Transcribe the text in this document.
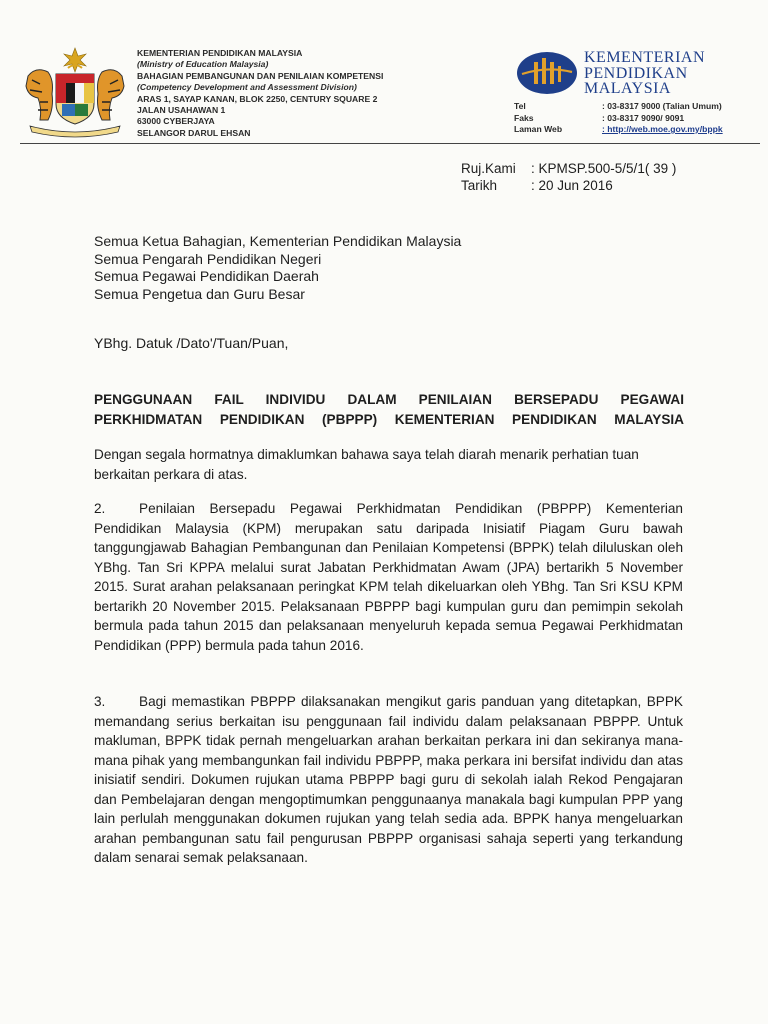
KEMENTERIAN PENDIDIKAN MALAYSIA
(Ministry of Education Malaysia)
BAHAGIAN PEMBANGUNAN DAN PENILAIAN KOMPETENSI
(Competency Development and Assessment Division)
ARAS 1, SAYAP KANAN, BLOK 2250, CENTURY SQUARE 2
JALAN USAHAWAN 1
63000 CYBERJAYA
SELANGOR DARUL EHSAN
KEMENTERIAN
PENDIDIKAN
MALAYSIA
Tel	: 03-8317 9000 (Talian Umum)
Faks	: 03-8317 9090/ 9091
Laman Web	: http://web.moe.gov.my/bppk
Ruj.Kami	: KPMSP.500-5/5/1( 39 )
Tarikh	: 20 Jun 2016
Semua Ketua Bahagian, Kementerian Pendidikan Malaysia
Semua Pengarah Pendidikan Negeri
Semua Pegawai Pendidikan Daerah
Semua Pengetua dan Guru Besar
YBhg. Datuk /Dato'/Tuan/Puan,
PENGGUNAAN FAIL INDIVIDU DALAM PENILAIAN BERSEPADU PEGAWAI
PERKHIDMATAN PENDIDIKAN (PBPPP) KEMENTERIAN PENDIDIKAN MALAYSIA
Dengan segala hormatnya dimaklumkan bahawa saya telah diarah menarik perhatian tuan berkaitan perkara di atas.
2. Penilaian Bersepadu Pegawai Perkhidmatan Pendidikan (PBPPP) Kementerian Pendidikan Malaysia (KPM) merupakan satu daripada Inisiatif Piagam Guru bawah tanggungjawab Bahagian Pembangunan dan Penilaian Kompetensi (BPPK) telah diluluskan oleh YBhg. Tan Sri KPPA melalui surat Jabatan Perkhidmatan Awam (JPA) bertarikh 5 November 2015. Surat arahan pelaksanaan peringkat KPM telah dikeluarkan oleh YBhg. Tan Sri KSU KPM bertarikh 20 November 2015. Pelaksanaan PBPPP bagi kumpulan guru dan pemimpin sekolah bermula pada tahun 2015 dan pelaksanaan menyeluruh kepada semua Pegawai Perkhidmatan Pendidikan (PPP) bermula pada tahun 2016.
3. Bagi memastikan PBPPP dilaksanakan mengikut garis panduan yang ditetapkan, BPPK memandang serius berkaitan isu penggunaan fail individu dalam pelaksanaan PBPPP. Untuk makluman, BPPK tidak pernah mengeluarkan arahan berkaitan perkara ini dan sekiranya mana-mana pihak yang membangunkan fail individu PBPPP, maka perkara ini bersifat individu dan atas inisiatif sendiri. Dokumen rujukan utama PBPPP bagi guru di sekolah ialah Rekod Pengajaran dan Pembelajaran dengan mengoptimumkan penggunaanya manakala bagi kumpulan PPP yang lain perlulah menggunakan dokumen rujukan yang telah sedia ada. BPPK hanya mengeluarkan arahan pembangunan satu fail pengurusan PBPPP organisasi sahaja seperti yang terkandung dalam senarai semak pelaksanaan.
